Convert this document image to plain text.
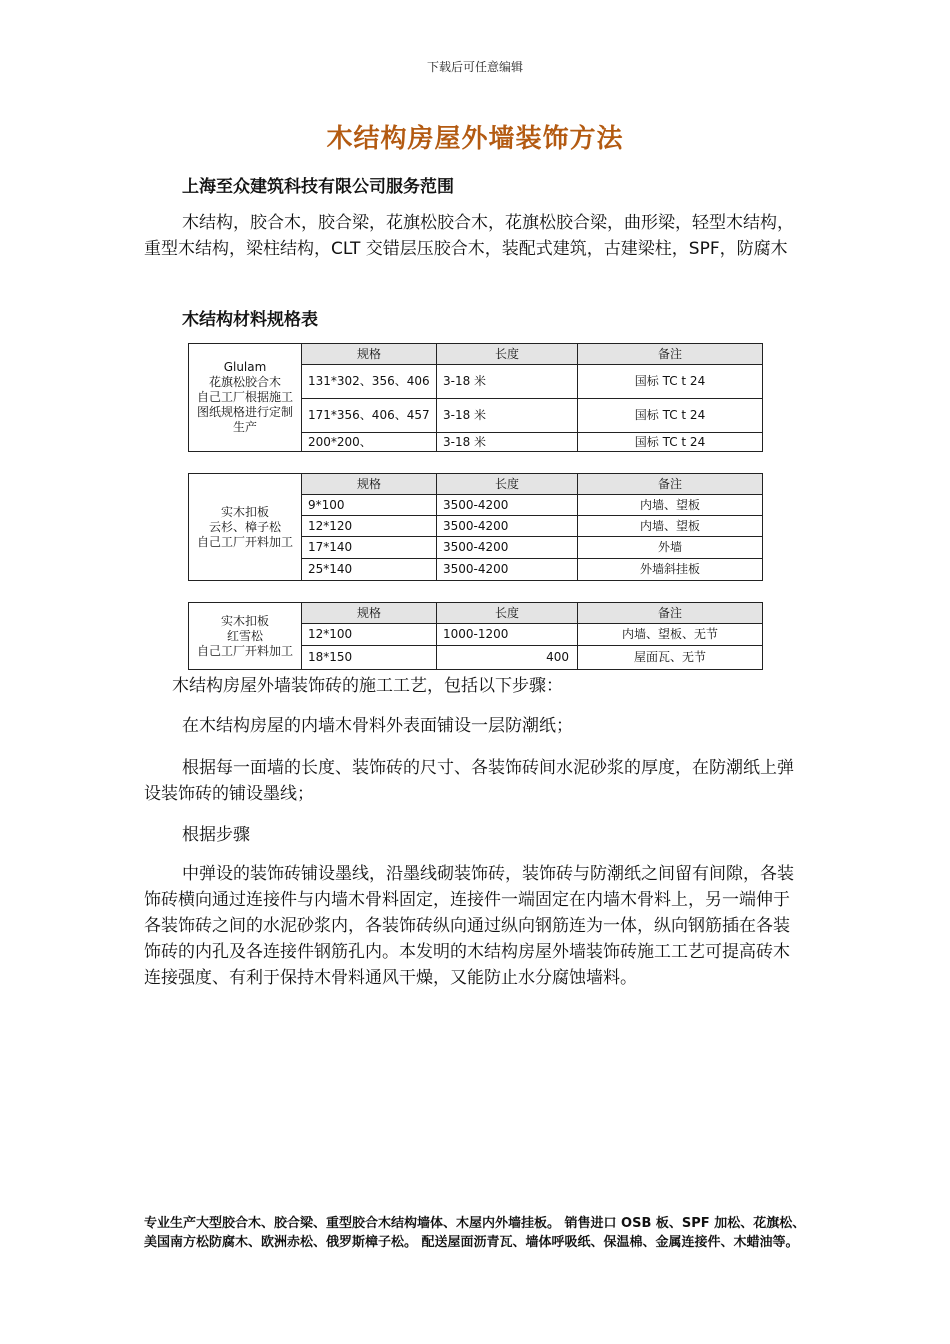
下载后可任意编辑
木结构房屋外墙装饰方法
上海至众建筑科技有限公司服务范围

木结构，胶合木，胶合梁，花旗松胶合木，花旗松胶合梁，曲形梁，轻型木结构，重型木结构，梁柱结构，CLT 交错层压胶合木，装配式建筑，古建梁柱，SPF，防腐木

木结构材料规格表
Glulam
花旗松胶合木
自己工厂根据施工图纸规格进行定制生产	规格	长度	备注
	131*302、356、406	3-18 米	国标 TC t 24
	171*356、406、457	3-18 米	国标 TC t 24
	200*200、	3-18 米	国标 TC t 24
实木扣板
云杉、樟子松
自己工厂开料加工	规格	长度	备注
	9*100	3500-4200	内墙、望板
	12*120	3500-4200	内墙、望板
	17*140	3500-4200	外墙
	25*140	3500-4200	外墙斜挂板
实木扣板
红雪松
自己工厂开料加工	规格	长度	备注
	12*100	1000-1200	内墙、望板、无节
	18*150	400	屋面瓦、无节

木结构房屋外墙装饰砖的施工工艺，包括以下步骤：

在木结构房屋的内墙木骨料外表面铺设一层防潮纸；

根据每一面墙的长度、装饰砖的尺寸、各装饰砖间水泥砂浆的厚度，在防潮纸上弹设装饰砖的铺设墨线；

根据步骤

中弹设的装饰砖铺设墨线，沿墨线砌装饰砖，装饰砖与防潮纸之间留有间隙，各装饰砖横向通过连接件与内墙木骨料固定，连接件一端固定在内墙木骨料上，另一端伸于各装饰砖之间的水泥砂浆内，各装饰砖纵向通过纵向钢筋连为一体，纵向钢筋插在各装饰砖的内孔及各连接件钢筋孔内。本发明的木结构房屋外墙装饰砖施工工艺可提高砖木连接强度、有利于保持木骨料通风干燥，又能防止水分腐蚀墙料。

专业生产大型胶合木、胶合梁、重型胶合木结构墙体、木屋内外墙挂板。 销售进口 OSB 板、SPF 加松、花旗松、美国南方松防腐木、欧洲赤松、俄罗斯樟子松。 配送屋面沥青瓦、墙体呼吸纸、保温棉、金属连接件、木蜡油等。
